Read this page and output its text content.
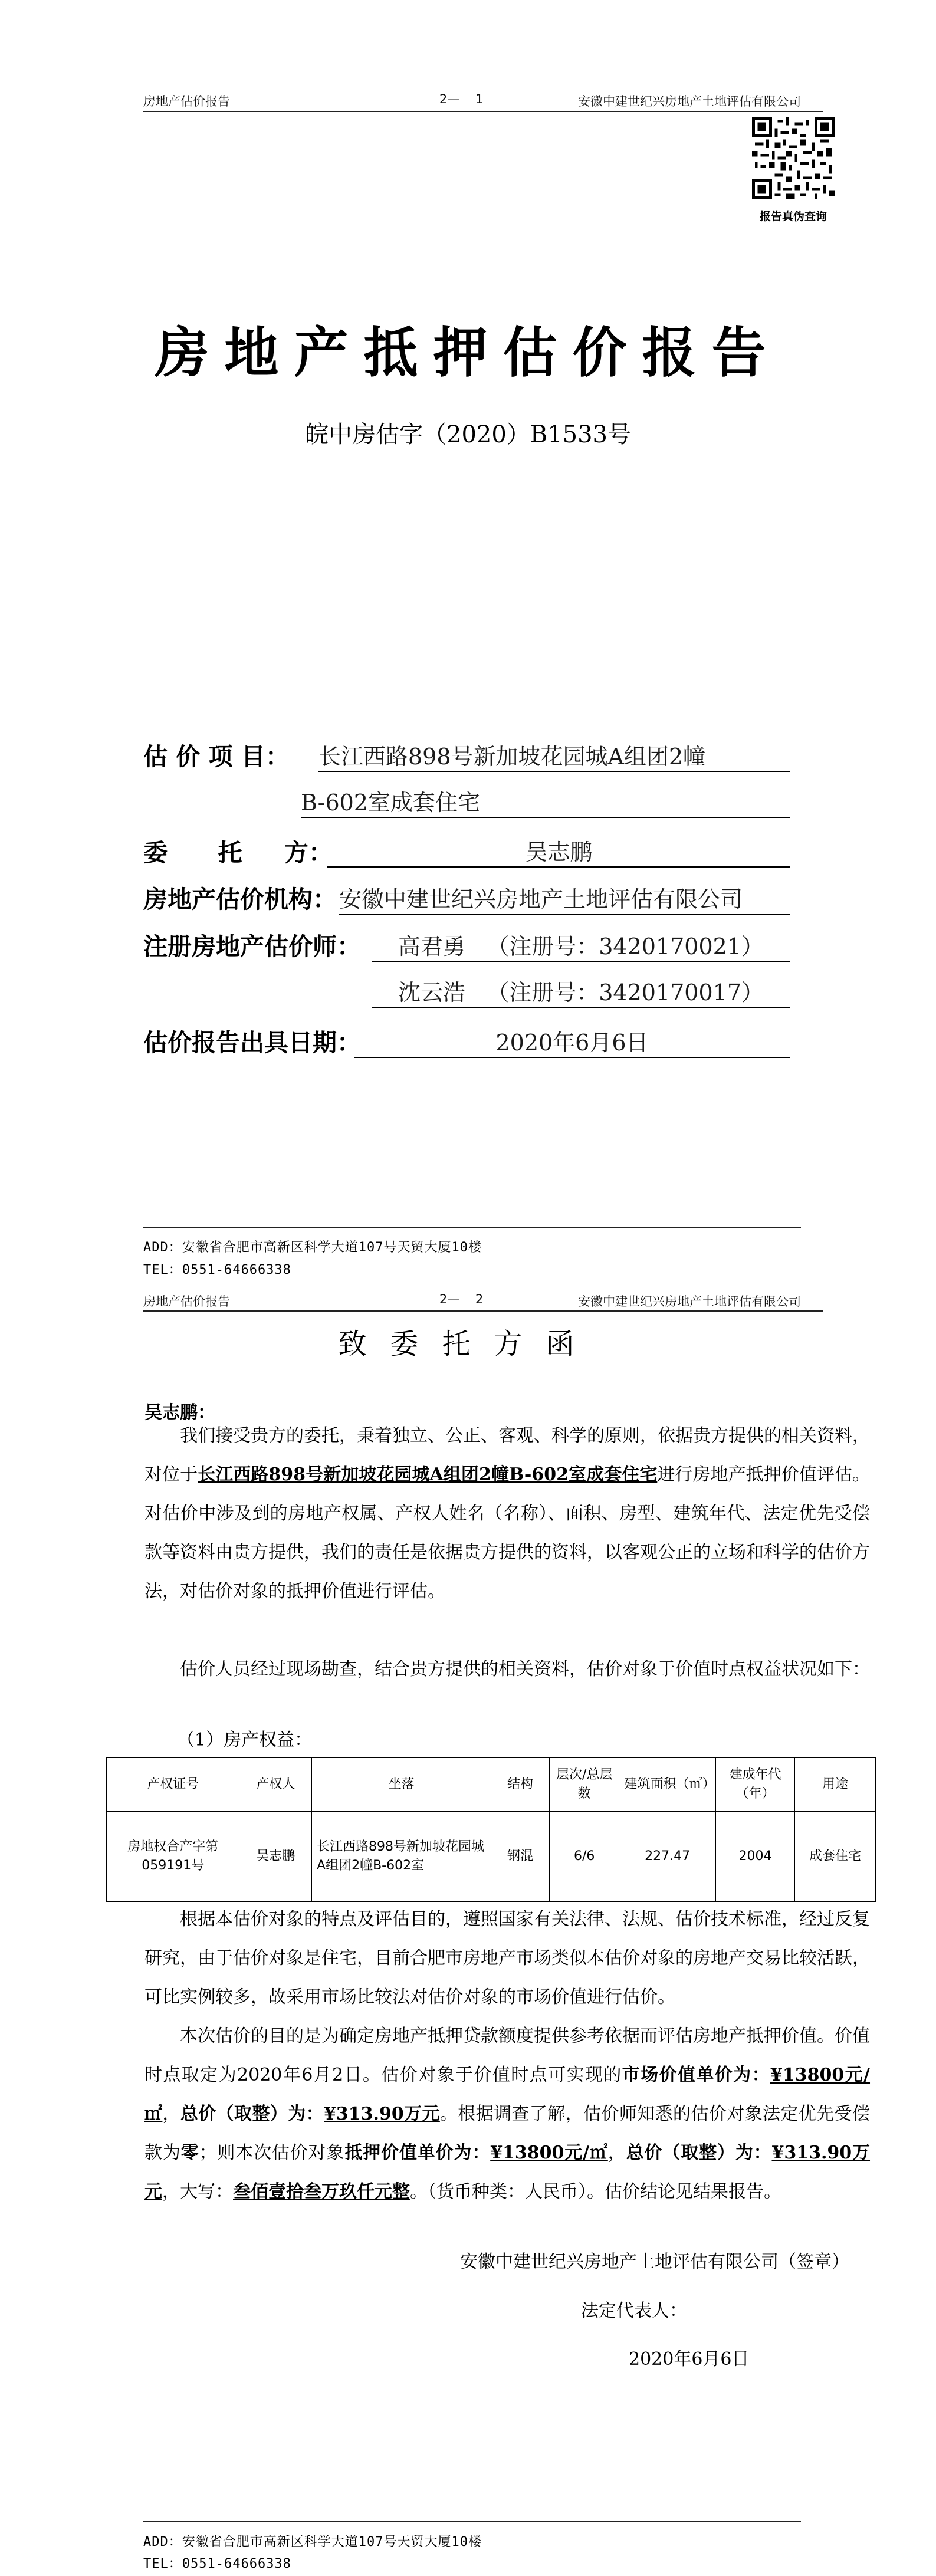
房地产估价报告	2—    1	安徽中建世纪兴房地产土地评估有限公司
报告真伪查询
房地产抵押估价报告
皖中房估字（2020）B1533号
估 价 项 目： 长江西路898号新加坡花园城A组团2幢
B-602室成套住宅
委      托     方：	吴志鹏
房地产估价机构： 安徽中建世纪兴房地产土地评估有限公司
注册房地产估价师：	高君勇   （注册号：3420170021）
沈云浩   （注册号：3420170017）
估价报告出具日期：	2020年6月6日
ADD：安徽省合肥市高新区科学大道107号天贸大厦10楼
TEL：0551-64666338
房地产估价报告	2—    2	安徽中建世纪兴房地产土地评估有限公司
致委托方函
吴志鹏：

我们接受贵方的委托，秉着独立、公正、客观、科学的原则，依据贵方提供的相关资料，对位于长江西路898号新加坡花园城A组团2幢B-602室成套住宅进行房地产抵押价值评估。对估价中涉及到的房地产权属、产权人姓名（名称）、面积、房型、建筑年代、法定优先受偿款等资料由贵方提供，我们的责任是依据贵方提供的资料，以客观公正的立场和科学的估价方法，对估价对象的抵押价值进行评估。

估价人员经过现场勘查，结合贵方提供的相关资料，估价对象于价值时点权益状况如下：

（1）房产权益：
产权证号	产权人	坐落	结构	层次/总层数	建筑面积（㎡）	建成年代（年）	用途
房地权合产字第059191号	吴志鹏	长江西路898号新加坡花园城A组团2幢B-602室	钢混	6/6	227.47	2004	成套住宅

根据本估价对象的特点及评估目的，遵照国家有关法律、法规、估价技术标准，经过反复研究，由于估价对象是住宅，目前合肥市房地产市场类似本估价对象的房地产交易比较活跃，可比实例较多，故采用市场比较法对估价对象的市场价值进行估价。

本次估价的目的是为确定房地产抵押贷款额度提供参考依据而评估房地产抵押价值。价值时点取定为2020年6月2日。估价对象于价值时点可实现的市场价值单价为：¥13800元/㎡，总价（取整）为：¥313.90万元。根据调查了解，估价师知悉的估价对象法定优先受偿款为零；则本次估价对象抵押价值单价为：¥13800元/㎡，总价（取整）为：¥313.90万元，大写：叁佰壹拾叁万玖仟元整。（货币种类：人民币）。估价结论见结果报告。

安徽中建世纪兴房地产土地评估有限公司（签章）
法定代表人：
2020年6月6日
ADD：安徽省合肥市高新区科学大道107号天贸大厦10楼
TEL：0551-64666338
